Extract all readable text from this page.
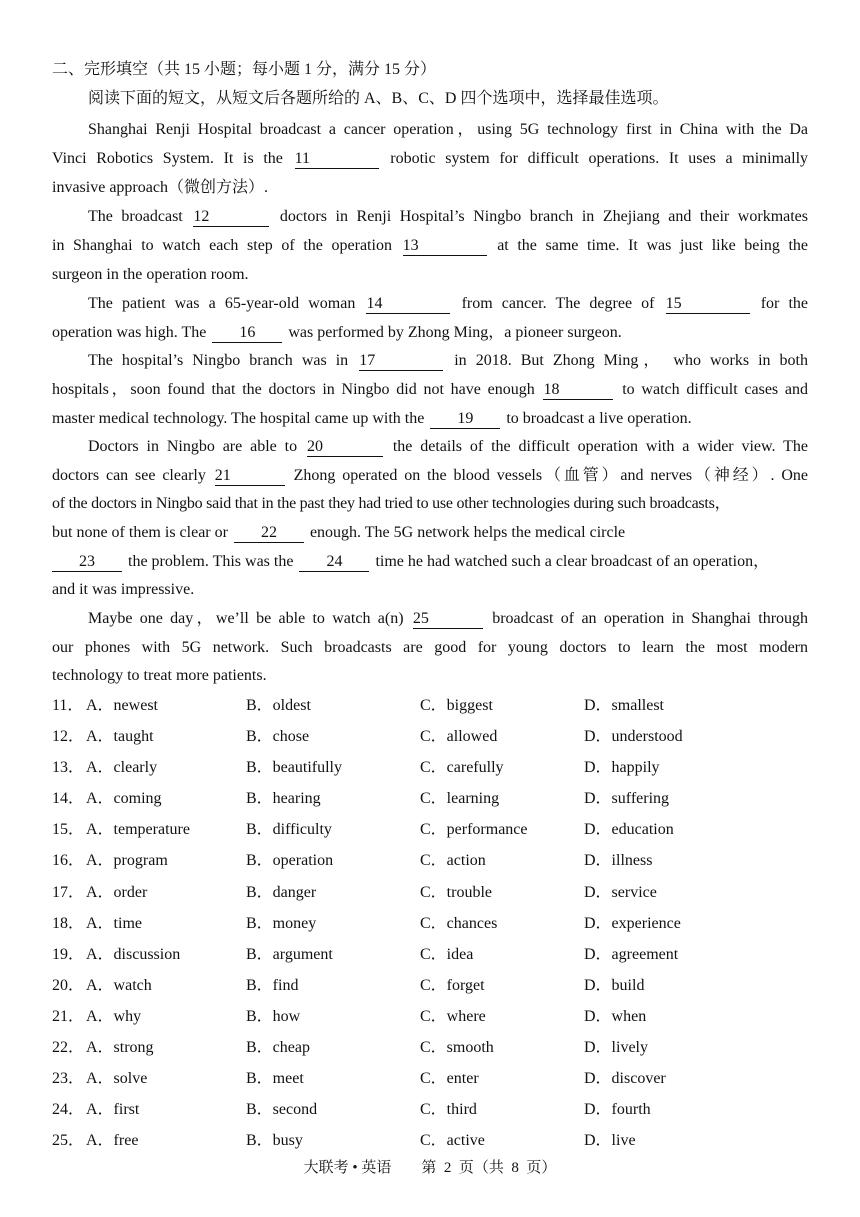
二、完形填空（共 15 小题；每小题 1 分，满分 15 分）
阅读下面的短文，从短文后各题所给的 A、B、C、D 四个选项中，选择最佳选项。
Shanghai Renji Hospital broadcast a cancer operation，using 5G technology first in China with the Da
Vinci Robotics System. It is the 11	robotic system for difficult operations. It uses a minimally
invasive approach（微创方法）.
The broadcast 12	doctors in Renji Hospital’s Ningbo branch in Zhejiang and their workmates
in Shanghai to watch each step of the operation 13	at the same time. It was just like being the
surgeon in the operation room.
The patient was a 65-year-old woman 14	from cancer. The degree of 15	for the
operation was high. The 16 was performed by Zhong Ming，a pioneer surgeon.
The hospital’s Ningbo branch was in 17	in 2018. But Zhong Ming， who works in both
hospitals，soon found that the doctors in Ningbo did not have enough 18	to watch difficult cases and
master medical technology. The hospital came up with the 19 to broadcast a live operation.
Doctors in Ningbo are able to 20	the details of the difficult operation with a wider view. The
doctors can see clearly 21	Zhong operated on the blood vessels（血管）and nerves（神经）. One
of the doctors in Ningbo said that in the past they had tried to use other technologies during such broadcasts，
but none of them is clear or 22 enough. The 5G network helps the medical circle
23 the problem. This was the 24 time he had watched such a clear broadcast of an operation，
and it was impressive.
Maybe one day，we’ll be able to watch a(n) 25	broadcast of an operation in Shanghai through
our phones with 5G network. Such broadcasts are good for young doctors to learn the most modern
technology to treat more patients.
11． A．newest	B．oldest	C．biggest	D．smallest
12． A．taught	B．chose	C．allowed	D．understood
13． A．clearly	B．beautifully	C．carefully	D．happily
14． A．coming	B．hearing	C．learning	D．suffering
15． A．temperature	B．difficulty	C．performance	D．education
16． A．program	B．operation	C．action	D．illness
17． A．order	B．danger	C．trouble	D．service
18． A．time	B．money	C．chances	D．experience
19． A．discussion	B．argument	C．idea	D．agreement
20． A．watch	B．find	C．forget	D．build
21． A．why	B．how	C．where	D．when
22． A．strong	B．cheap	C．smooth	D．lively
23． A．solve	B．meet	C．enter	D．discover
24． A．first	B．second	C．third	D．fourth
25． A．free	B．busy	C．active	D．live
大联考 • 英语        第  2  页（共  8  页）
